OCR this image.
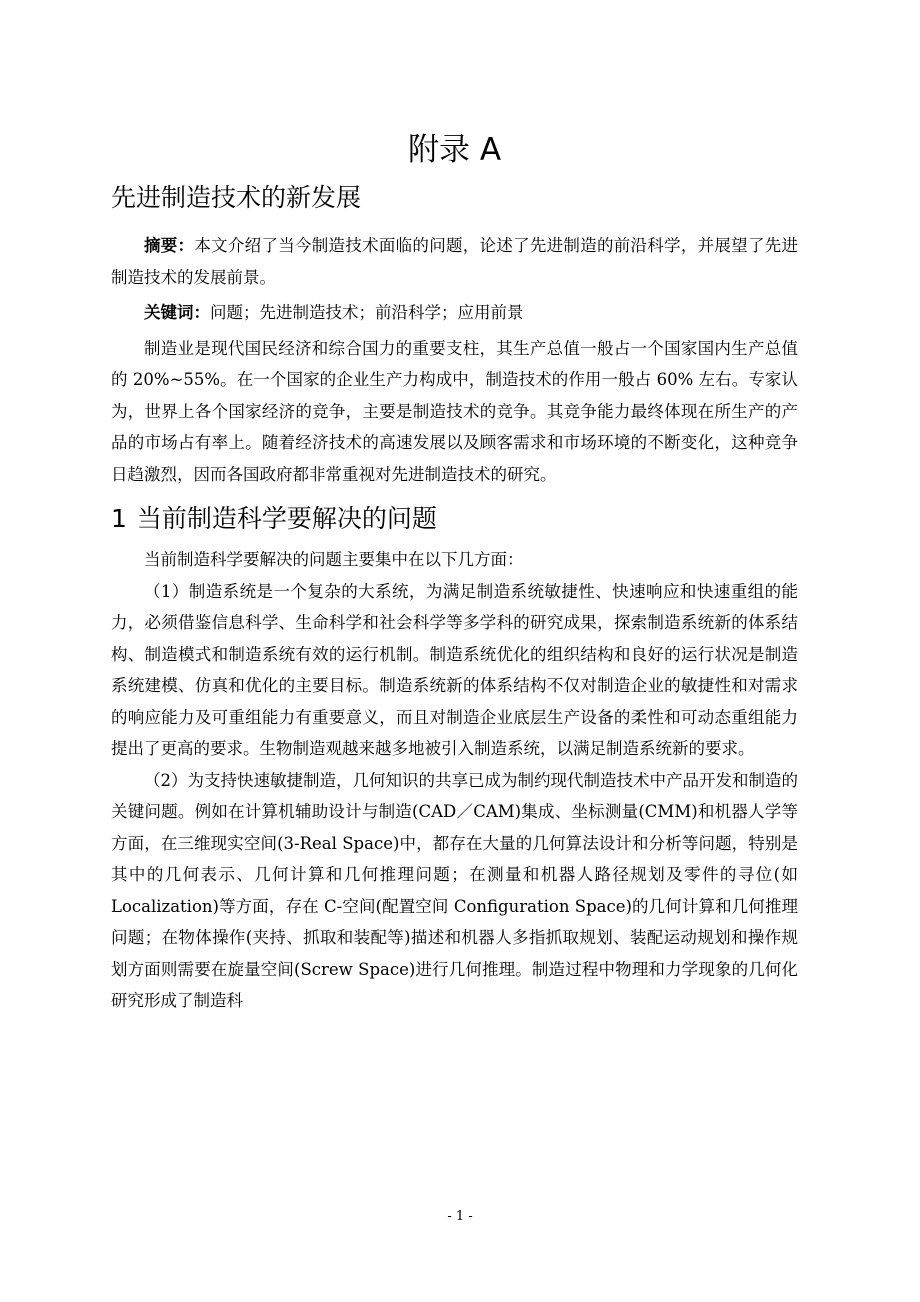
附录 A
先进制造技术的新发展

摘要：本文介绍了当今制造技术面临的问题，论述了先进制造的前沿科学，并展望了先进制造技术的发展前景。

关键词：问题；先进制造技术；前沿科学；应用前景

制造业是现代国民经济和综合国力的重要支柱，其生产总值一般占一个国家国内生产总值的 20%~55%。在一个国家的企业生产力构成中，制造技术的作用一般占 60% 左右。专家认为，世界上各个国家经济的竞争，主要是制造技术的竞争。其竞争能力最终体现在所生产的产品的市场占有率上。随着经济技术的高速发展以及顾客需求和市场环境的不断变化，这种竞争日趋激烈，因而各国政府都非常重视对先进制造技术的研究。

1 当前制造科学要解决的问题

当前制造科学要解决的问题主要集中在以下几方面：

（1）制造系统是一个复杂的大系统，为满足制造系统敏捷性、快速响应和快速重组的能力，必须借鉴信息科学、生命科学和社会科学等多学科的研究成果，探索制造系统新的体系结构、制造模式和制造系统有效的运行机制。制造系统优化的组织结构和良好的运行状况是制造系统建模、仿真和优化的主要目标。制造系统新的体系结构不仅对制造企业的敏捷性和对需求的响应能力及可重组能力有重要意义，而且对制造企业底层生产设备的柔性和可动态重组能力提出了更高的要求。生物制造观越来越多地被引入制造系统，以满足制造系统新的要求。

（2）为支持快速敏捷制造，几何知识的共享已成为制约现代制造技术中产品开发和制造的关键问题。例如在计算机辅助设计与制造(CAD／CAM)集成、坐标测量(CMM)和机器人学等方面，在三维现实空间(3-Real Space)中，都存在大量的几何算法设计和分析等问题，特别是其中的几何表示、几何计算和几何推理问题；在测量和机器人路径规划及零件的寻位(如 Localization)等方面，存在 C-空间(配置空间 Configuration Space)的几何计算和几何推理问题；在物体操作(夹持、抓取和装配等)描述和机器人多指抓取规划、装配运动规划和操作规划方面则需要在旋量空间(Screw Space)进行几何推理。制造过程中物理和力学现象的几何化研究形成了制造科

- 1 -
